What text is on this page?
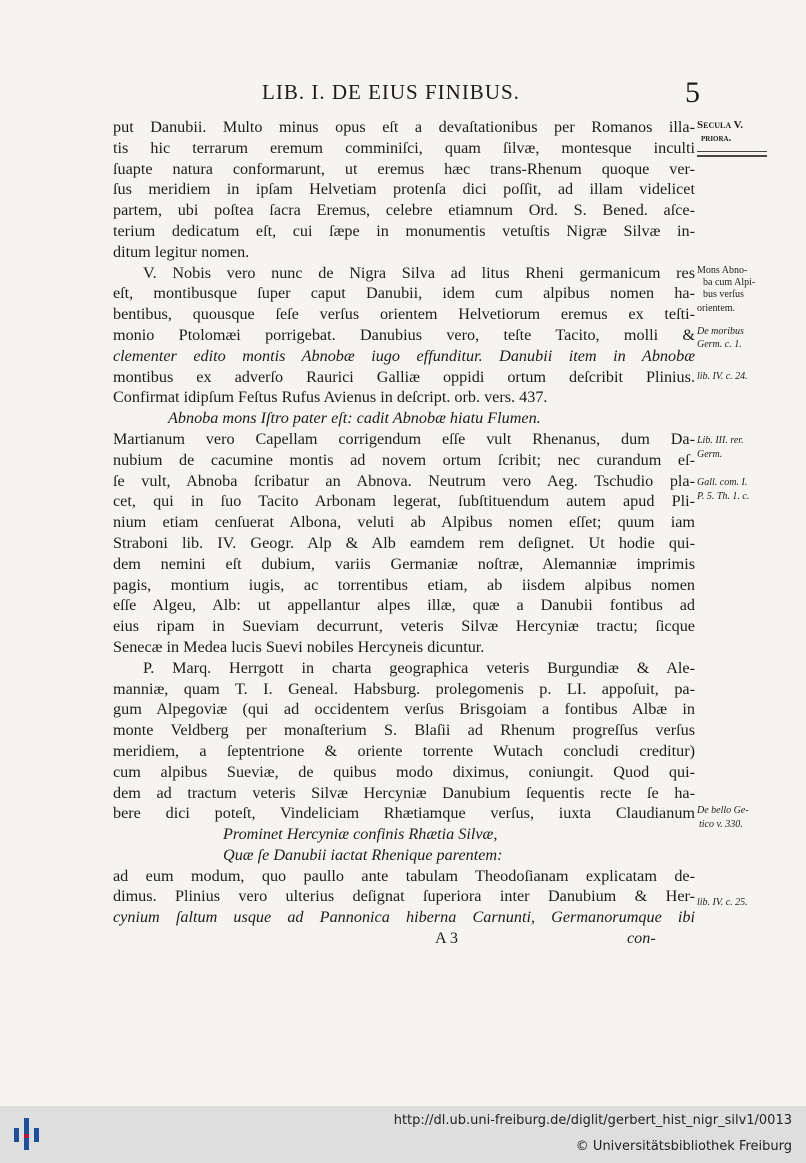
LIB. I. DE EIUS FINIBUS.	5
put Danubii. Multo minus opus eſt a devaſtationibus per Romanos illa-
tis hic terrarum eremum comminiſci, quam ſilvæ, montesque inculti
ſuapte natura conformarunt, ut eremus hæc trans-Rhenum quoque ver-
ſus meridiem in ipſam Helvetiam protenſa dici poſſit, ad illam videlicet
partem, ubi poſtea ſacra Eremus, celebre etiamnum Ord. S. Bened. aſce-
terium dedicatum eſt, cui ſæpe in monumentis vetuſtis Nigræ Silvæ in-
ditum legitur nomen.
V. Nobis vero nunc de Nigra Silva ad litus Rheni germanicum res
eſt, montibusque ſuper caput Danubii, idem cum alpibus nomen ha-
bentibus, quousque ſeſe verſus orientem Helvetiorum eremus ex teſti-
monio Ptolomæi porrigebat. Danubius vero, teſte Tacito, molli &
clementer edito montis Abnobæ iugo effunditur. Danubii item in Abnobæ
montibus ex adverſo Raurici Galliæ oppidi ortum deſcribit Plinius.
Confirmat idipſum Feſtus Rufus Avienus in deſcript. orb. vers. 437.
Abnoba mons Iſtro pater eſt: cadit Abnobæ hiatu Flumen.
Martianum vero Capellam corrigendum eſſe vult Rhenanus, dum Da-
nubium de cacumine montis ad novem ortum ſcribit; nec curandum eſ-
ſe vult, Abnoba ſcribatur an Abnova. Neutrum vero Aeg. Tschudio pla-
cet, qui in ſuo Tacito Arbonam legerat, ſubſtituendum autem apud Pli-
nium etiam cenſuerat Albona, veluti ab Alpibus nomen eſſet; quum iam
Straboni lib. IV. Geogr. Alp & Alb eamdem rem deſignet. Ut hodie qui-
dem nemini eſt dubium, variis Germaniæ noſtræ, Alemanniæ imprimis
pagis, montium iugis, ac torrentibus etiam, ab iisdem alpibus nomen
eſſe Algeu, Alb: ut appellantur alpes illæ, quæ a Danubii fontibus ad
eius ripam in Sueviam decurrunt, veteris Silvæ Hercyniæ tractu; ſicque
Senecæ in Medea lucis Suevi nobiles Hercyneis dicuntur.
P. Marq. Herrgott in charta geographica veteris Burgundiæ & Ale-
manniæ, quam T. I. Geneal. Habsburg. prolegomenis p. LI. appoſuit, pa-
gum Alpegoviæ (qui ad occidentem verſus Brisgoiam a fontibus Albæ in
monte Veldberg per monaſterium S. Blaſii ad Rhenum progreſſus verſus
meridiem, a ſeptentrione & oriente torrente Wutach concludi creditur)
cum alpibus Sueviæ, de quibus modo diximus, coniungit. Quod qui-
dem ad tractum veteris Silvæ Hercyniæ Danubium ſequentis recte ſe ha-
bere dici poteſt, Vindeliciam Rhætiamque verſus, iuxta Claudianum
Prominet Hercyniæ confinis Rhætia Silvæ,
Quæ ſe Danubii iactat Rhenique parentem:
ad eum modum, quo paullo ante tabulam Theodoſianam explicatam de-
dimus. Plinius vero ulterius deſignat ſuperiora inter Danubium & Her-
cynium ſaltum usque ad Pannonica hiberna Carnunti, Germanorumque ibi
A 3	con-
Secula V.
priora.
Mons Abno-
ba cum Alpi-
bus verſus
orientem.
De moribus
Germ. c. 1.
lib. IV. c. 24.
Lib. III. rer.
Germ.
Gall. com. I.
P. 5. Th. 1. c.
De bello Ge-
tico v. 330.
lib. IV. c. 25.
http://dl.ub.uni-freiburg.de/diglit/gerbert_hist_nigr_silv1/0013
© Universitätsbibliothek Freiburg
